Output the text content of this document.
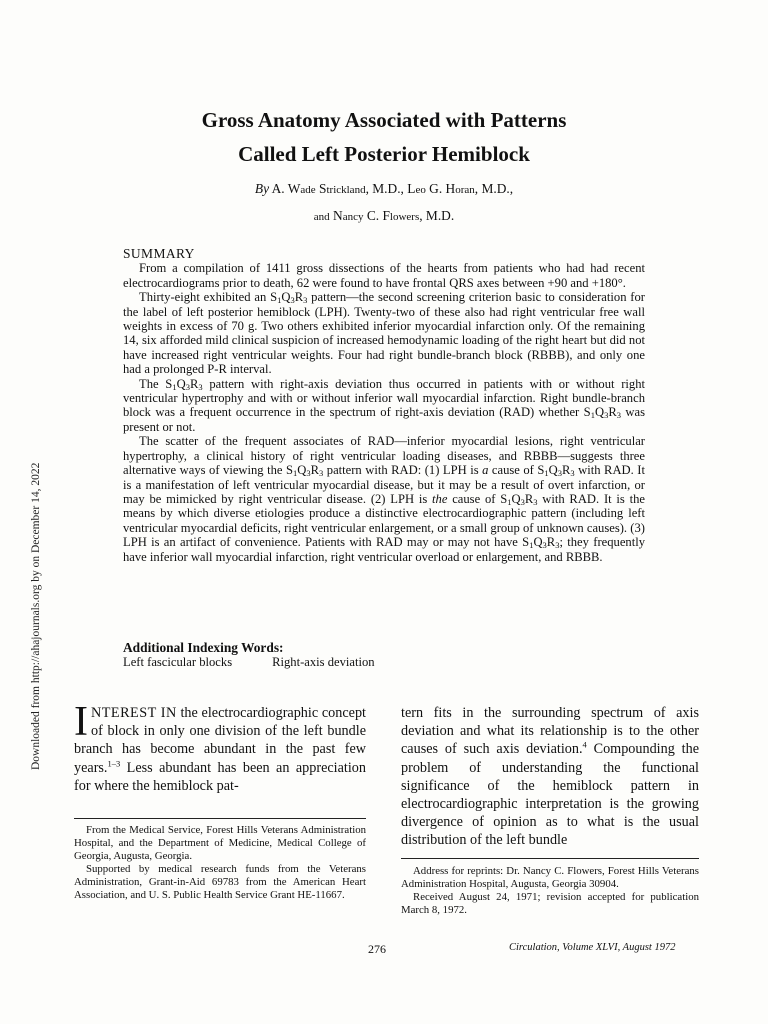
Gross Anatomy Associated with Patterns
Called Left Posterior Hemiblock
By A. Wade Strickland, M.D., Leo G. Horan, M.D.,
and Nancy C. Flowers, M.D.

SUMMARY

From a compilation of 1411 gross dissections of the hearts from patients who had had recent electrocardiograms prior to death, 62 were found to have frontal QRS axes between +90 and +180°.

Thirty-eight exhibited an $S_1Q_3R_3$ pattern—the second screening criterion basic to consideration for the label of left posterior hemiblock (LPH). Twenty-two of these also had right ventricular free wall weights in excess of 70 g. Two others exhibited inferior myocardial infarction only. Of the remaining 14, six afforded mild clinical suspicion of increased hemodynamic loading of the right heart but did not have increased right ventricular weights. Four had right bundle-branch block (RBBB), and only one had a prolonged P-R interval.

The $S_1Q_3R_3$ pattern with right-axis deviation thus occurred in patients with or without right ventricular hypertrophy and with or without inferior wall myocardial infarction. Right bundle-branch block was a frequent occurrence in the spectrum of right-axis deviation (RAD) whether $S_1Q_3R_3$ was present or not.

The scatter of the frequent associates of RAD—inferior myocardial lesions, right ventricular hypertrophy, a clinical history of right ventricular loading diseases, and RBBB—suggests three alternative ways of viewing the $S_1Q_3R_3$ pattern with RAD: (1) LPH is a cause of $S_1Q_3R_3$ with RAD. It is a manifestation of left ventricular myocardial disease, but it may be a result of overt infarction, or may be mimicked by right ventricular disease. (2) LPH is the cause of $S_1Q_3R_3$ with RAD. It is the means by which diverse etiologies produce a distinctive electrocardiographic pattern (including left ventricular myocardial deficits, right ventricular enlargement, or a small group of unknown causes). (3) LPH is an artifact of convenience. Patients with RAD may or may not have $S_1Q_3R_3$; they frequently have inferior wall myocardial infarction, right ventricular overload or enlargement, and RBBB.

Additional Indexing Words:
Left fascicular blocks	Right-axis deviation

INTEREST IN the electrocardiographic concept of block in only one division of the left bundle branch has become abundant in the past few years.$^{1-3}$ Less abundant has been an appreciation for where the hemiblock pat-

tern fits in the surrounding spectrum of axis deviation and what its relationship is to the other causes of such axis deviation.$^4$ Compounding the problem of understanding the functional significance of the hemiblock pattern in electrocardiographic interpretation is the growing divergence of opinion as to what is the usual distribution of the left bundle

From the Medical Service, Forest Hills Veterans Administration Hospital, and the Department of Medicine, Medical College of Georgia, Augusta, Georgia.

Supported by medical research funds from the Veterans Administration, Grant-in-Aid 69783 from the American Heart Association, and U. S. Public Health Service Grant HE-11667.

Address for reprints: Dr. Nancy C. Flowers, Forest Hills Veterans Administration Hospital, Augusta, Georgia 30904.

Received August 24, 1971; revision accepted for publication March 8, 1972.

276	Circulation, Volume XLVI, August 1972
Downloaded from http://ahajournals.org by on December 14, 2022
